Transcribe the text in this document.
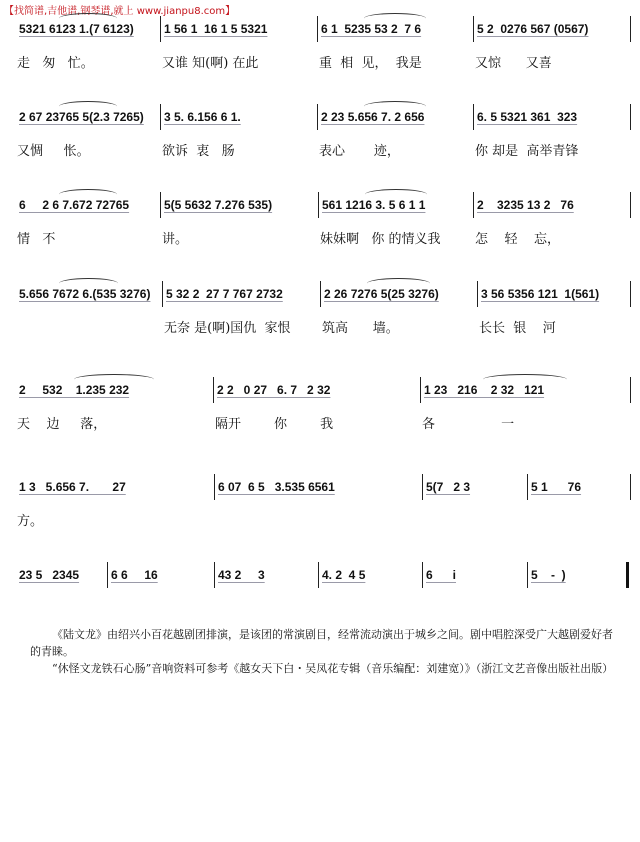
【找简谱,吉他谱,钢琴谱,就上 www.jianpu8.com】
5321 6123 1.(7 6123)
走   匆   忙。
1 56 1  16 1 5 5321
又谁 知(啊) 在此
6 1  5235 53 2  7 6
重  相  见，  我是
5 2  0276 567 (0567)
又惊      又喜
2 67 23765 5(2.3 7265)
又惆     怅。
3 5. 6.156 6 1.
欲诉  衷   肠
2 23 5.656 7. 2 656
表心       迹，
6. 5 5321 361  323
你 却是  高举青锋
6     2 6 7.672 72765
情   不
5(5 5632 7.276 535)
讲。
561 1216 3. 5 6 1 1
妹妹啊   你 的情义我
2    3235 13 2   76
怎    轻    忘，
5.656 7672 6.(535 3276) 5 32 2  27 7 767 2732
无奈 是(啊)国仇  家恨
2 26 7276 5(25 3276)
筑高      墙。
3 56 5356 121  1(561)
长长  银    河
2     532    1.235 232
天    边     落，
2 2   0 27   6. 7   2 32
隔开        你        我
1 23   216    2 32   121
各                一
1 3   5.656 7.       27
方。
6 07  6 5   3.535 6561	5(7   2 3	5 1      76
23 5   2345	6 6     16	43 2     3	4. 2  4 5	6      i	5    -  )

《陆文龙》由绍兴小百花越剧团排演，是该团的常演剧目，经常流动演出于城乡之间。剧中唱腔深受广大越剧爱好者的青睐。

“休怪文龙铁石心肠”音响资料可参考《越女天下白・吴凤花专辑（音乐编配：刘建宽）》（浙江文艺音像出版社出版）
